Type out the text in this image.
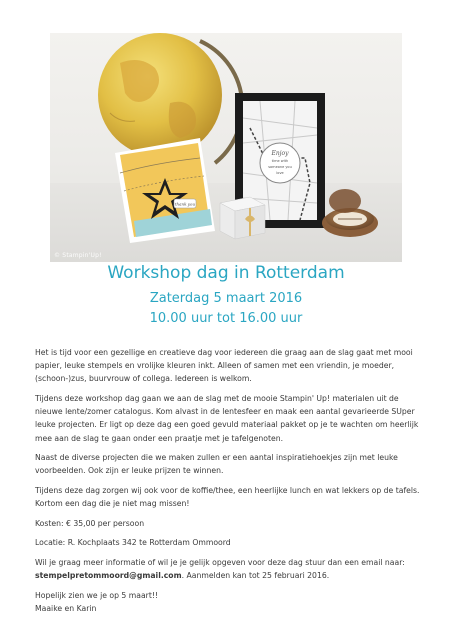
Enjoy
time with
someone you
love
thank you
© Stampin'Up!
Workshop dag in Rotterdam
Zaterdag 5 maart 2016
10.00 uur tot 16.00 uur

Het is tijd voor een gezellige en creatieve dag voor iedereen die graag aan de slag gaat met mooi papier, leuke stempels en vrolijke kleuren inkt. Alleen of samen met een vriendin, je moeder, (schoon-)zus, buurvrouw of collega. Iedereen is welkom.

Tijdens deze workshop dag gaan we aan de slag met de mooie Stampin' Up! materialen uit de nieuwe lente/zomer catalogus. Kom alvast in de lentesfeer en maak een aantal gevarieerde SUper leuke projecten. Er ligt op deze dag een goed gevuld materiaal pakket op je te wachten om heerlijk mee aan de slag te gaan onder een praatje met je tafelgenoten.

Naast de diverse projecten die we maken zullen er een aantal inspiratiehoekjes zijn met leuke voorbeelden. Ook zijn er leuke prijzen te winnen.

Tijdens deze dag zorgen wij ook voor de koffie/thee, een heerlijke lunch en wat lekkers op de tafels. Kortom een dag die je niet mag missen!

Kosten: € 35,00 per persoon

Locatie: R. Kochplaats 342 te Rotterdam Ommoord

Wil je graag meer informatie of wil je je gelijk opgeven voor deze dag stuur dan een email naar:
stempelpretommoord@gmail.com. Aanmelden kan tot 25 februari 2016.

Hopelijk zien we je op 5 maart!!

Maaike en Karin
